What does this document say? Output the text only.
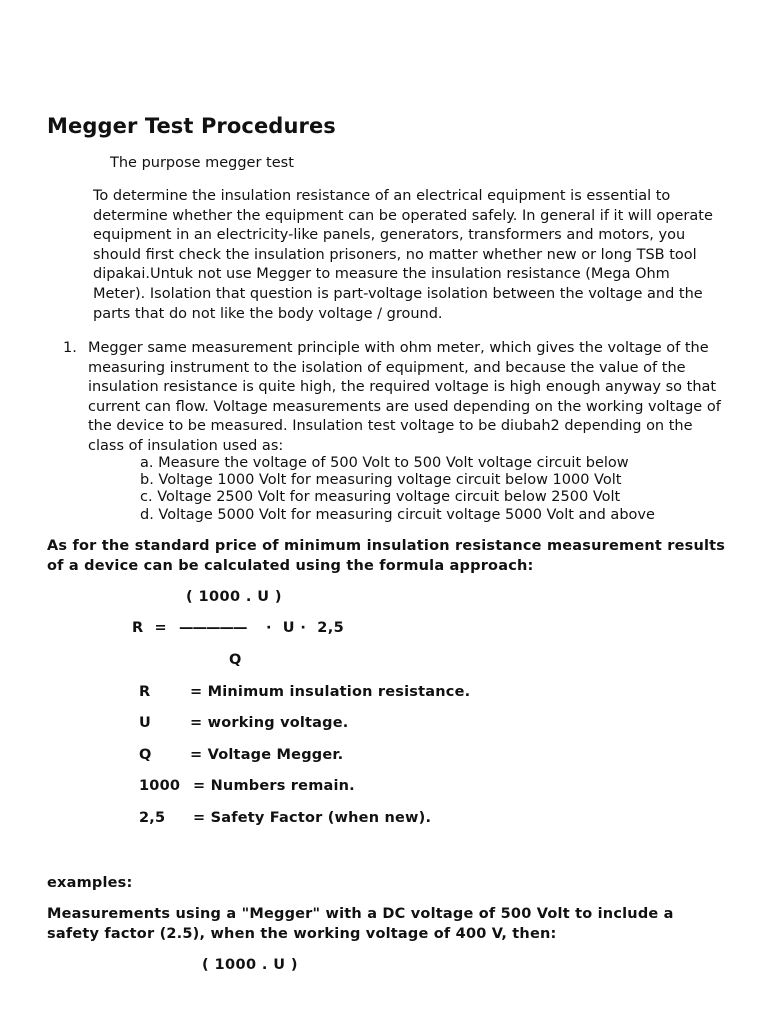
Megger Test Procedures
The purpose megger test

To determine the insulation resistance of an electrical equipment is essential to determine whether the equipment can be operated safely. In general if it will operate equipment in an electricity-like panels, generators, transformers and motors, you should first check the insulation prisoners, no matter whether new or long TSB tool dipakai.Untuk not use Megger to measure the insulation resistance (Mega Ohm Meter). Isolation that question is part-voltage isolation between the voltage and the parts that do not like the body voltage / ground.

1. Megger same measurement principle with ohm meter, which gives the voltage of the measuring instrument to the isolation of equipment, and because the value of the insulation resistance is quite high, the required voltage is high enough anyway so that current can flow. Voltage measurements are used depending on the working voltage of the device to be measured. Insulation test voltage to be diubah2 depending on the class of insulation used as:
a. Measure the voltage of 500 Volt to 500 Volt voltage circuit below
b. Voltage 1000 Volt for measuring voltage circuit below 1000 Volt
c. Voltage 2500 Volt for measuring voltage circuit below 2500 Volt
d. Voltage 5000 Volt for measuring circuit voltage 5000 Volt and above
As for the standard price of minimum insulation resistance measurement results of a device can be calculated using the formula approach:
( 1000 . U )
R  = ————— ·  U ·  2,5
Q
R	= Minimum insulation resistance.
U	= working voltage.
Q	= Voltage Megger.
1000 = Numbers remain.
2,5 = Safety Factor (when new).
examples:
Measurements using a "Megger" with a DC voltage of 500 Volt to include a safety factor (2.5), when the working voltage of 400 V, then:
( 1000 . U )
